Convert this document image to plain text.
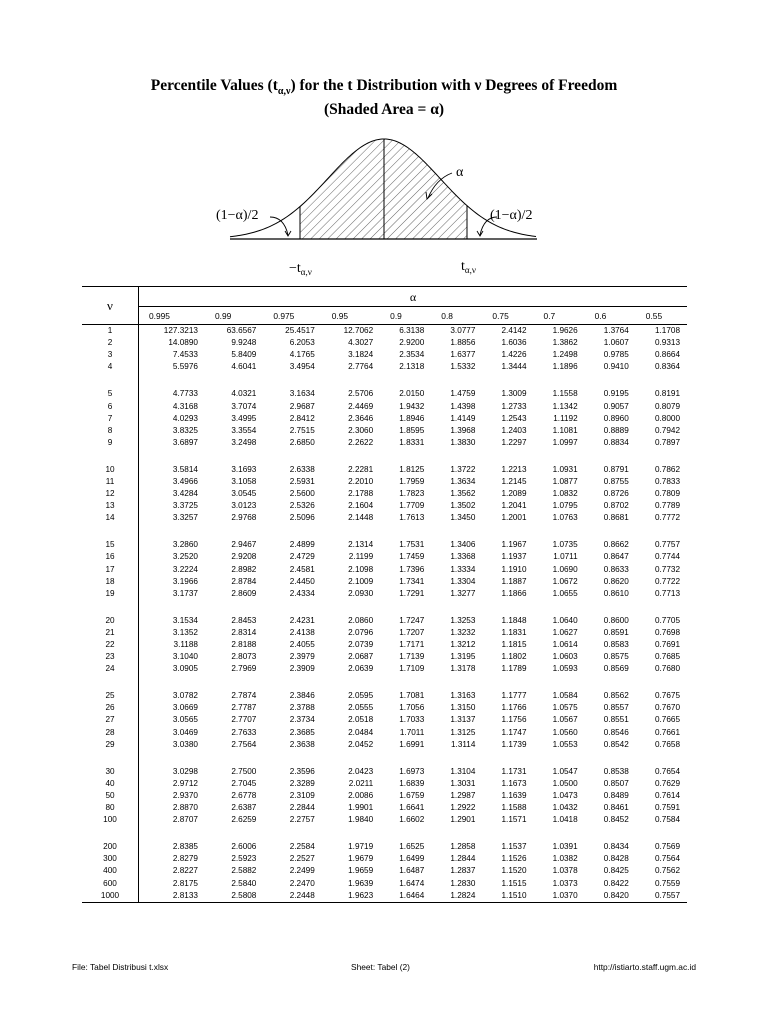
Percentile Values $(t_{\alpha,\nu})$ for the t Distribution with ν Degrees of Freedom
(Shaded Area = α)
α
(1−α)/2	(1−α)/2
$-t_{\alpha,\nu}$	$t_{\alpha,\nu}$
ν	α									
	0.995	0.99	0.975	0.95	0.9	0.8	0.75	0.7	0.6	0.55
1	127.3213	63.6567	25.4517	12.7062	6.3138	3.0777	2.4142	1.9626	1.3764	1.1708
2	14.0890	9.9248	6.2053	4.3027	2.9200	1.8856	1.6036	1.3862	1.0607	0.9313
3	7.4533	5.8409	4.1765	3.1824	2.3534	1.6377	1.4226	1.2498	0.9785	0.8664
4	5.5976	4.6041	3.4954	2.7764	2.1318	1.5332	1.3444	1.1896	0.9410	0.8364

5	4.7733	4.0321	3.1634	2.5706	2.0150	1.4759	1.3009	1.1558	0.9195	0.8191
6	4.3168	3.7074	2.9687	2.4469	1.9432	1.4398	1.2733	1.1342	0.9057	0.8079
7	4.0293	3.4995	2.8412	2.3646	1.8946	1.4149	1.2543	1.1192	0.8960	0.8000
8	3.8325	3.3554	2.7515	2.3060	1.8595	1.3968	1.2403	1.1081	0.8889	0.7942
9	3.6897	3.2498	2.6850	2.2622	1.8331	1.3830	1.2297	1.0997	0.8834	0.7897

10	3.5814	3.1693	2.6338	2.2281	1.8125	1.3722	1.2213	1.0931	0.8791	0.7862
11	3.4966	3.1058	2.5931	2.2010	1.7959	1.3634	1.2145	1.0877	0.8755	0.7833
12	3.4284	3.0545	2.5600	2.1788	1.7823	1.3562	1.2089	1.0832	0.8726	0.7809
13	3.3725	3.0123	2.5326	2.1604	1.7709	1.3502	1.2041	1.0795	0.8702	0.7789
14	3.3257	2.9768	2.5096	2.1448	1.7613	1.3450	1.2001	1.0763	0.8681	0.7772

15	3.2860	2.9467	2.4899	2.1314	1.7531	1.3406	1.1967	1.0735	0.8662	0.7757
16	3.2520	2.9208	2.4729	2.1199	1.7459	1.3368	1.1937	1.0711	0.8647	0.7744
17	3.2224	2.8982	2.4581	2.1098	1.7396	1.3334	1.1910	1.0690	0.8633	0.7732
18	3.1966	2.8784	2.4450	2.1009	1.7341	1.3304	1.1887	1.0672	0.8620	0.7722
19	3.1737	2.8609	2.4334	2.0930	1.7291	1.3277	1.1866	1.0655	0.8610	0.7713

20	3.1534	2.8453	2.4231	2.0860	1.7247	1.3253	1.1848	1.0640	0.8600	0.7705
21	3.1352	2.8314	2.4138	2.0796	1.7207	1.3232	1.1831	1.0627	0.8591	0.7698
22	3.1188	2.8188	2.4055	2.0739	1.7171	1.3212	1.1815	1.0614	0.8583	0.7691
23	3.1040	2.8073	2.3979	2.0687	1.7139	1.3195	1.1802	1.0603	0.8575	0.7685
24	3.0905	2.7969	2.3909	2.0639	1.7109	1.3178	1.1789	1.0593	0.8569	0.7680

25	3.0782	2.7874	2.3846	2.0595	1.7081	1.3163	1.1777	1.0584	0.8562	0.7675
26	3.0669	2.7787	2.3788	2.0555	1.7056	1.3150	1.1766	1.0575	0.8557	0.7670
27	3.0565	2.7707	2.3734	2.0518	1.7033	1.3137	1.1756	1.0567	0.8551	0.7665
28	3.0469	2.7633	2.3685	2.0484	1.7011	1.3125	1.1747	1.0560	0.8546	0.7661
29	3.0380	2.7564	2.3638	2.0452	1.6991	1.3114	1.1739	1.0553	0.8542	0.7658

30	3.0298	2.7500	2.3596	2.0423	1.6973	1.3104	1.1731	1.0547	0.8538	0.7654
40	2.9712	2.7045	2.3289	2.0211	1.6839	1.3031	1.1673	1.0500	0.8507	0.7629
50	2.9370	2.6778	2.3109	2.0086	1.6759	1.2987	1.1639	1.0473	0.8489	0.7614
80	2.8870	2.6387	2.2844	1.9901	1.6641	1.2922	1.1588	1.0432	0.8461	0.7591
100	2.8707	2.6259	2.2757	1.9840	1.6602	1.2901	1.1571	1.0418	0.8452	0.7584

200	2.8385	2.6006	2.2584	1.9719	1.6525	1.2858	1.1537	1.0391	0.8434	0.7569
300	2.8279	2.5923	2.2527	1.9679	1.6499	1.2844	1.1526	1.0382	0.8428	0.7564
400	2.8227	2.5882	2.2499	1.9659	1.6487	1.2837	1.1520	1.0378	0.8425	0.7562
600	2.8175	2.5840	2.2470	1.9639	1.6474	1.2830	1.1515	1.0373	0.8422	0.7559
1000	2.8133	2.5808	2.2448	1.9623	1.6464	1.2824	1.1510	1.0370	0.8420	0.7557
File: Tabel Distribusi t.xlsx	Sheet: Tabel (2)	http://istiarto.staff.ugm.ac.id
